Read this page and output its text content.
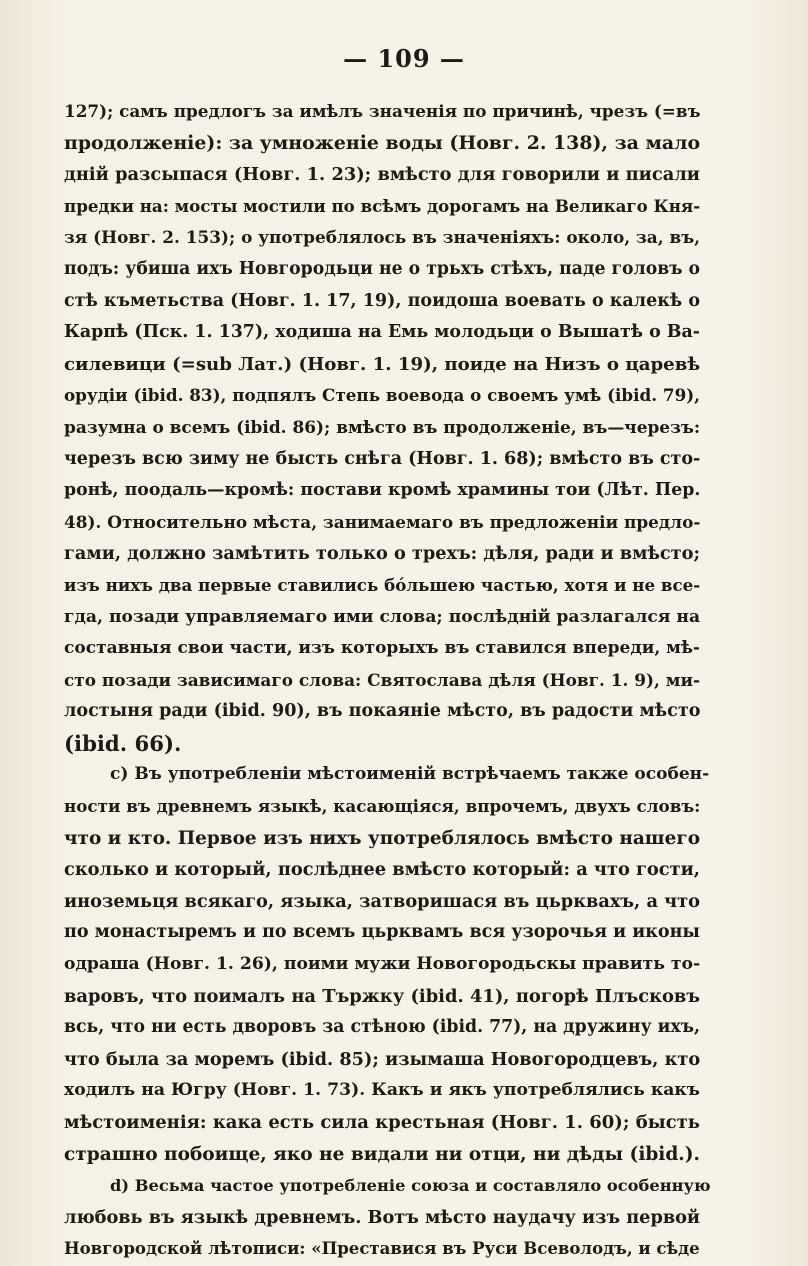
— 109 —
127); самъ предлогъ за имѣлъ значенія по причинѣ, чрезъ (=въ
продолженіе): за умноженіе воды (Новг. 2. 138), за мало
днiй разсыпася (Новг. 1. 23); вмѣсто для говорили и писали
предки на: мосты мостили по всѣмъ дорогамъ на Великаго Кня-
зя (Новг. 2. 153); о употреблялось въ значеніяхъ: около, за, въ,
подъ: убиша ихъ Новгородьци не о трьхъ стѣхъ, паде головъ о
стѣ къметьства (Новг. 1. 17, 19), поидоша воевать о калекѣ о
Карпѣ (Пск. 1. 137), ходиша на Емь молодьци о Вышатѣ о Ва-
силевици (=sub Лат.) (Новг. 1. 19), поиде на Низъ о царевѣ
орудіи (ibid. 83), подпялъ Степь воевода о своемъ умѣ (ibid. 79),
разумна о всемъ (ibid. 86); вмѣсто въ продолженіе, въ—черезъ:
черезъ всю зиму не бысть снѣга (Новг. 1. 68); вмѣсто въ сто-
ронѣ, поодаль—кромѣ: постави кромѣ храмины тои (Лѣт. Пер.
48). Относительно мѣста, занимаемаго въ предложеніи предло-
гами, должно замѣтить только о трехъ: дѣля, ради и вмѣсто;
изъ нихъ два первые ставились бóльшею частью, хотя и не все-
гда, позади управляемаго ими слова; послѣдній разлагался на
составныя свои части, изъ которыхъ въ ставился впереди, мѣ-
сто позади зависимаго слова: Святослава дѣля (Новг. 1. 9), ми-
лостыня ради (ibid. 90), въ покаяніе мѣсто, въ радости мѣсто
(ibid. 66).
c) Въ употребленіи мѣстоименій встрѣчаемъ также особен-
ности въ древнемъ языкѣ, касающіяся, впрочемъ, двухъ словъ:
что и кто. Первое изъ нихъ употреблялось вмѣсто нашего
сколько и который, послѣднее вмѣсто который: а что гости,
иноземьця всякаго, языка, затворишася въ цьрквахъ, а что
по монастыремъ и по всемъ цьрквамъ вся узорочья и иконы
одраша (Новг. 1. 26), поими мужи Новогородьскы править то-
варовъ, что поималъ на Тържку (ibid. 41), погорѣ Плъсковъ
всь, что ни есть дворовъ за стѣною (ibid. 77), на дружину ихъ,
что была за моремъ (ibid. 85); изымаша Новогородцевъ, кто
ходилъ на Югру (Новг. 1. 73). Какъ и якъ употреблялись какъ
мѣстоименія: кака есть сила крестьная (Новг. 1. 60); бысть
страшно побоище, яко не видали ни отци, ни дѣды (ibid.).
d) Весьма частое употребленіе союза и составляло особенную
любовь въ языкѣ древнемъ. Вотъ мѣсто наудачу изъ первой
Новгородской лѣтописи: «Преставися въ Руси Всеволодъ, и сѣде
